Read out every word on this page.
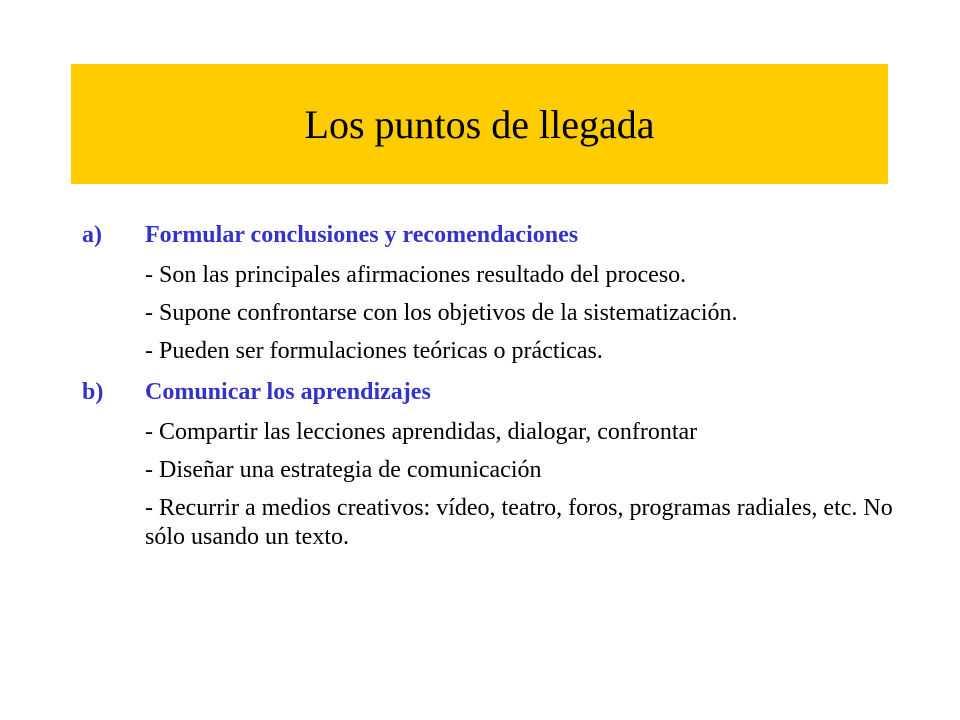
Los puntos de llegada
a)	Formular conclusiones y recomendaciones
- Son las principales afirmaciones resultado del proceso.
- Supone confrontarse con los objetivos de la sistematización.
- Pueden ser formulaciones teóricas o prácticas.
b)	Comunicar los aprendizajes
- Compartir las lecciones aprendidas, dialogar, confrontar
- Diseñar una estrategia de comunicación
- Recurrir a medios creativos: vídeo, teatro, foros, programas radiales, etc. No sólo usando un texto.
